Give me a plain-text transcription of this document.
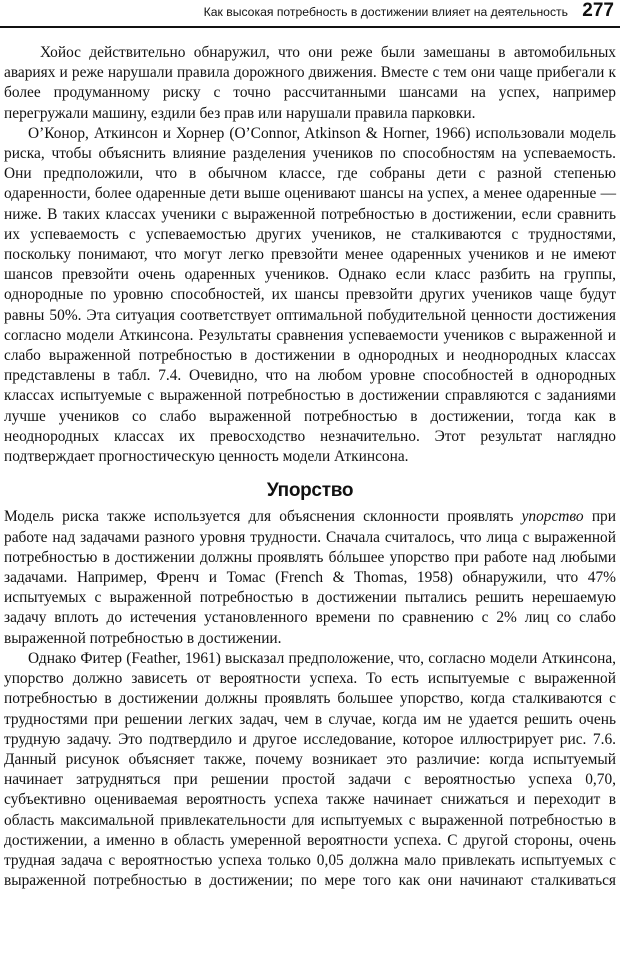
Как высокая потребность в достижении влияет на деятельность 277

Хойос действительно обнаружил, что они реже были замешаны в автомобильных авариях и реже нарушали правила дорожного движения. Вместе с тем они чаще прибегали к более продуманному риску с точно рассчитанными шансами на успех, например перегружали машину, ездили без прав или нарушали правила парковки.

О’Конор, Аткинсон и Хорнер (O’Connor, Atkinson & Horner, 1966) использовали модель риска, чтобы объяснить влияние разделения учеников по способностям на успеваемость. Они предположили, что в обычном классе, где собраны дети с разной степенью одаренности, более одаренные дети выше оценивают шансы на успех, а менее одаренные — ниже. В таких классах ученики с выраженной потребностью в достижении, если сравнить их успеваемость с успеваемостью других учеников, не сталкиваются с трудностями, поскольку понимают, что могут легко превзойти менее одаренных учеников и не имеют шансов превзойти очень одаренных учеников. Однако если класс разбить на группы, однородные по уровню способностей, их шансы превзойти других учеников чаще будут равны 50%. Эта ситуация соответствует оптимальной побудительной ценности достижения согласно модели Аткинсона. Результаты сравнения успеваемости учеников с выраженной и слабо выраженной потребностью в достижении в однородных и неоднородных классах представлены в табл. 7.4. Очевидно, что на любом уровне способностей в однородных классах испытуемые с выраженной потребностью в достижении справляются с заданиями лучше учеников со слабо выраженной потребностью в достижении, тогда как в неоднородных классах их превосходство незначительно. Этот результат наглядно подтверждает прогностическую ценность модели Аткинсона.

Упорство

Модель риска также используется для объяснения склонности проявлять упорство при работе над задачами разного уровня трудности. Сначала считалось, что лица с выраженной потребностью в достижении должны проявлять бóльшее упорство при работе над любыми задачами. Например, Френч и Томас (French & Thomas, 1958) обнаружили, что 47% испытуемых с выраженной потребностью в достижении пытались решить нерешаемую задачу вплоть до истечения установленного времени по сравнению с 2% лиц со слабо выраженной потребностью в достижении.

Однако Фитер (Feather, 1961) высказал предположение, что, согласно модели Аткинсона, упорство должно зависеть от вероятности успеха. То есть испытуемые с выраженной потребностью в достижении должны проявлять большее упорство, когда сталкиваются с трудностями при решении легких задач, чем в случае, когда им не удается решить очень трудную задачу. Это подтвердило и другое исследование, которое иллюстрирует рис. 7.6. Данный рисунок объясняет также, почему возникает это различие: когда испытуемый начинает затрудняться при решении простой задачи с вероятностью успеха 0,70, субъективно оцениваемая вероятность успеха также начинает снижаться и переходит в область максимальной привлекательности для испытуемых с выраженной потребностью в достижении, а именно в область умеренной вероятности успеха. С другой стороны, очень трудная задача с вероятностью успеха только 0,05 должна мало привлекать испытуемых с выраженной потребностью в достижении; по мере того как они начинают сталкиваться
